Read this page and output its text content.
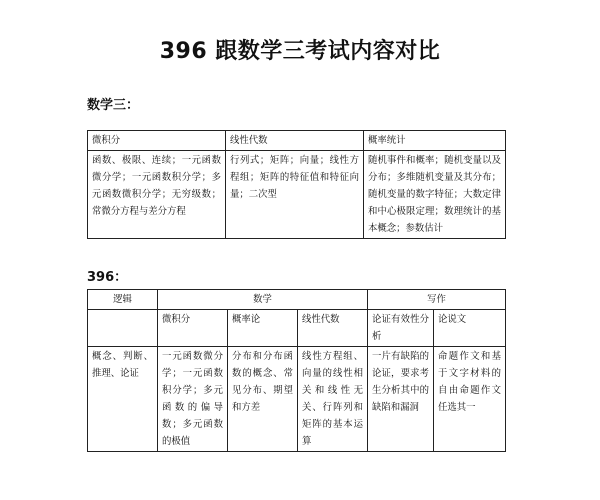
396 跟数学三考试内容对比
数学三：
微积分	线性代数	概率统计
函数、极限、连续；一元函数微分学；一元函数积分学；多元函数微积分学；无穷级数；常微分方程与差分方程	行列式；矩阵；向量；线性方程组；矩阵的特征值和特征向量；二次型	随机事件和概率；随机变量以及分布；多维随机变量及其分布；随机变量的数字特征；大数定律和中心极限定理；数理统计的基本概念；参数估计
396：
逻辑	数学			写作	
	微积分	概率论	线性代数	论证有效性分析	论说文
概念、判断、推理、论证	一元函数微分学；一元函数积分学；多元函数的偏导数；多元函数的极值	分布和分布函数的概念、常见分布、期望和方差	线性方程组、向量的线性相关和线性无关、行阵列和矩阵的基本运算	一片有缺陷的论证，要求考生分析其中的缺陷和漏洞	命题作文和基于文字材料的自由命题作文任选其一
